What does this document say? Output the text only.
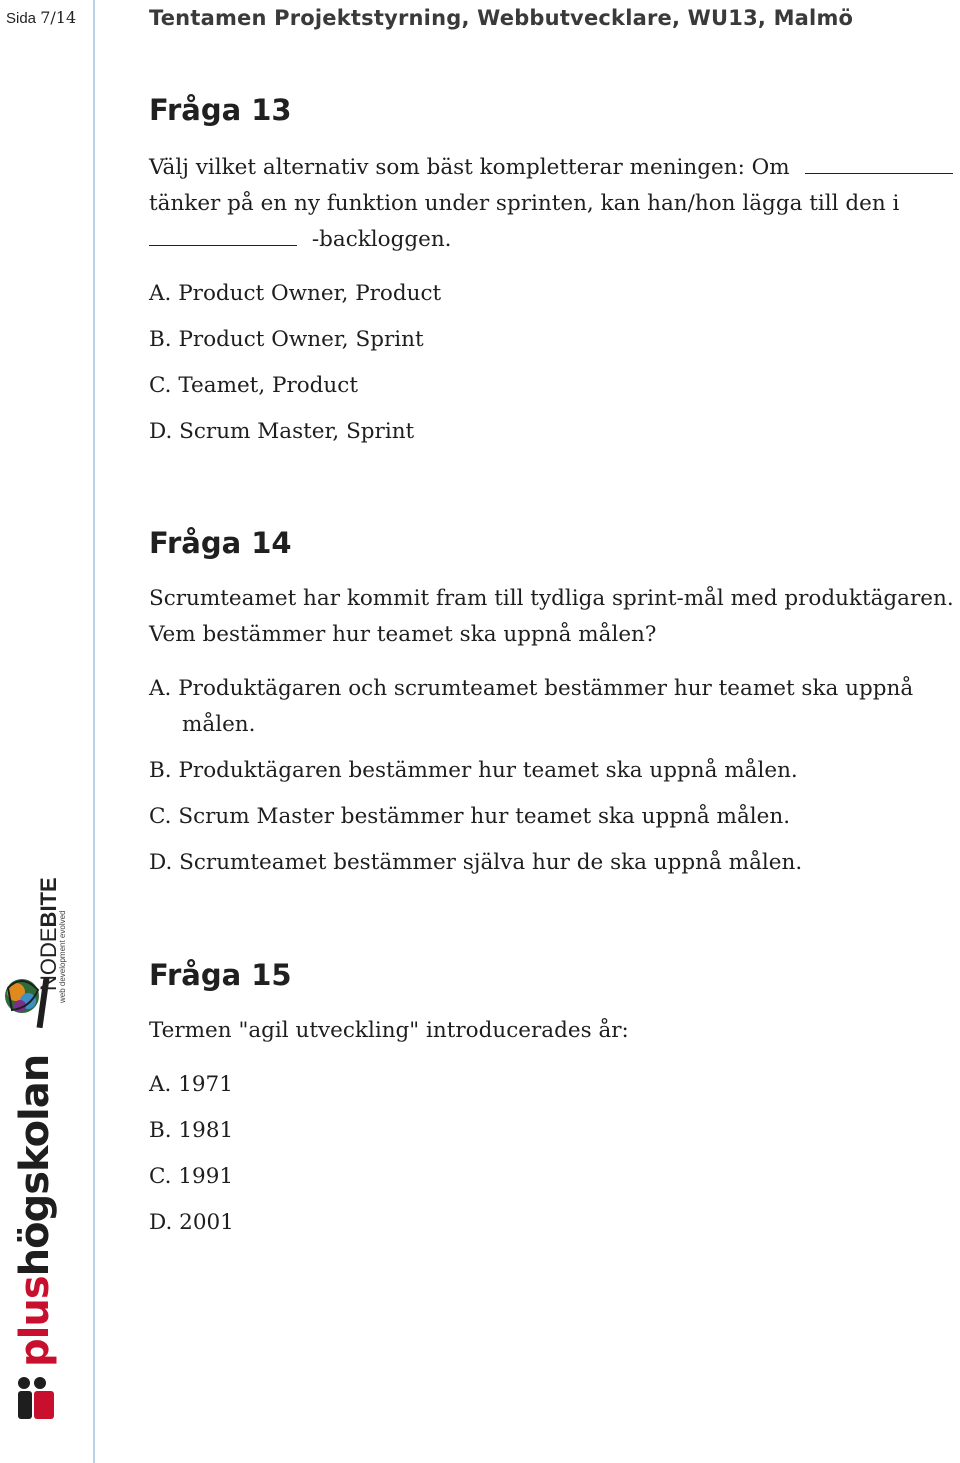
Sida 7/14	Tentamen Projektstyrning, Webbutvecklare, WU13, Malmö
Fråga 13

Välj vilket alternativ som bäst kompletterar meningen: Om

tänker på en ny funktion under sprinten, kan han/hon lägga till den i

-backloggen.

A. Product Owner, Product
B. Product Owner, Sprint
C. Teamet, Product
D. Scrum Master, Sprint
Fråga 14

Scrumteamet har kommit fram till tydliga sprint-mål med produktägaren.

Vem bestämmer hur teamet ska uppnå målen?

A. Produktägaren och scrumteamet bestämmer hur teamet ska uppnå målen.
B. Produktägaren bestämmer hur teamet ska uppnå målen.
C. Scrum Master bestämmer hur teamet ska uppnå målen.
D. Scrumteamet bestämmer själva hur de ska uppnå målen.
Fråga 15

Termen "agil utveckling" introducerades år:

A. 1971
B. 1981
C. 1991
D. 2001
NODEBITE
web development evolved
plushögskolan
